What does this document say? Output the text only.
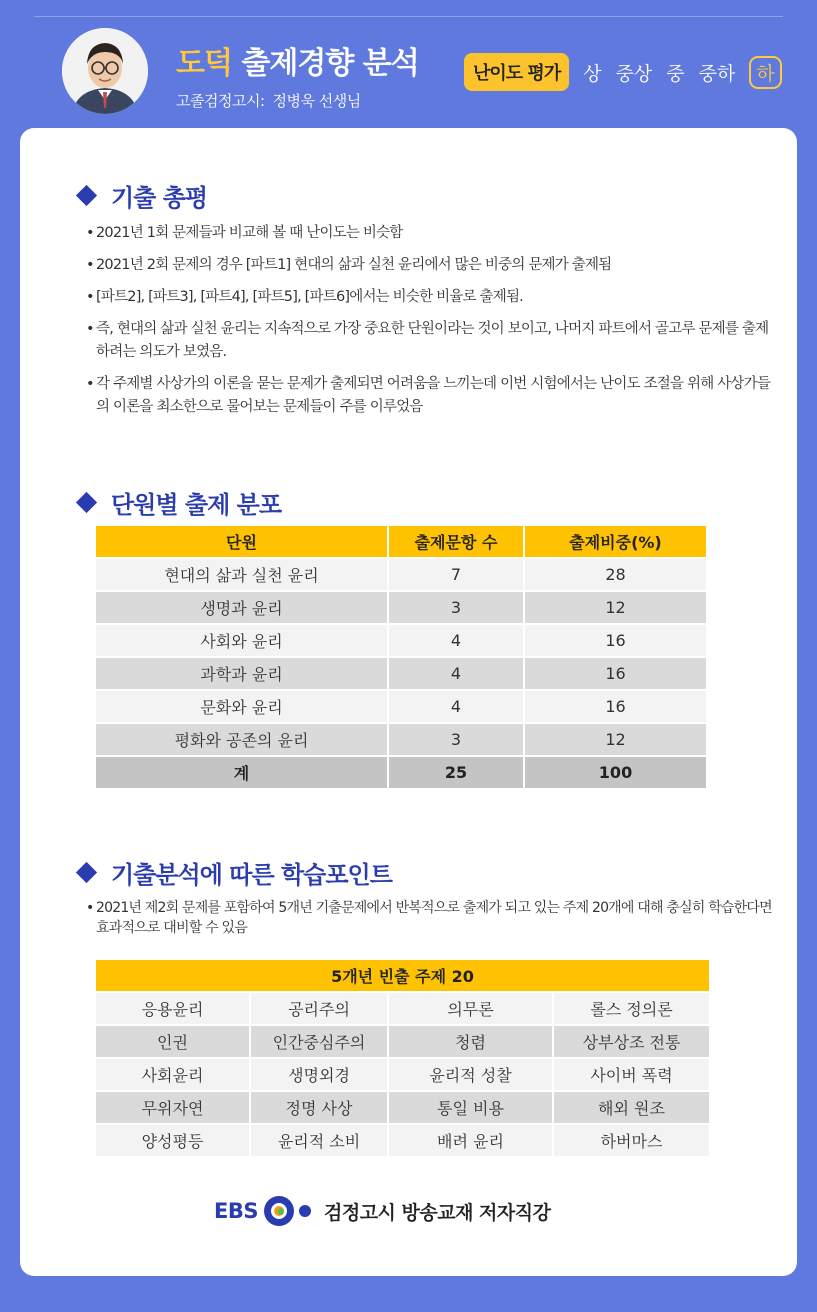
도덕 출제경향 분석
고졸검정고시: 정병욱 선생님
난이도 평가	상 중상 중 중하	하
기출 총평
• 2021년 1회 문제들과 비교해 볼 때 난이도는 비슷함
• 2021년 2회 문제의 경우 [파트1] 현대의 삶과 실천 윤리에서 많은 비중의 문제가 출제됨
• [파트2], [파트3], [파트4], [파트5], [파트6]에서는 비슷한 비율로 출제됨.
• 즉, 현대의 삶과 실천 윤리는 지속적으로 가장 중요한 단원이라는 것이 보이고, 나머지 파트에서 골고루 문제를 출제하려는 의도가 보였음.
• 각 주제별 사상가의 이론을 묻는 문제가 출제되면 어려움을 느끼는데 이번 시험에서는 난이도 조절을 위해 사상가들의 이론을 최소한으로 물어보는 문제들이 주를 이루었음
단원별 출제 분포
단원	출제문항 수	출제비중(%)
현대의 삶과 실천 윤리	7	28
생명과 윤리	3	12
사회와 윤리	4	16
과학과 윤리	4	16
문화와 윤리	4	16
평화와 공존의 윤리	3	12
계	25	100
기출분석에 따른 학습포인트
• 2021년 제2회 문제를 포함하여 5개년 기출문제에서 반복적으로 출제가 되고 있는 주제 20개에 대해 충실히 학습한다면 효과적으로 대비할 수 있음
5개년 빈출 주제 20			
응용윤리	공리주의	의무론	롤스 정의론
인권	인간중심주의	청렴	상부상조 전통
사회윤리	생명외경	윤리적 성찰	사이버 폭력
무위자연	정명 사상	통일 비용	해외 원조
양성평등	윤리적 소비	배려 윤리	하버마스
EBS	검정고시 방송교재 저자직강
